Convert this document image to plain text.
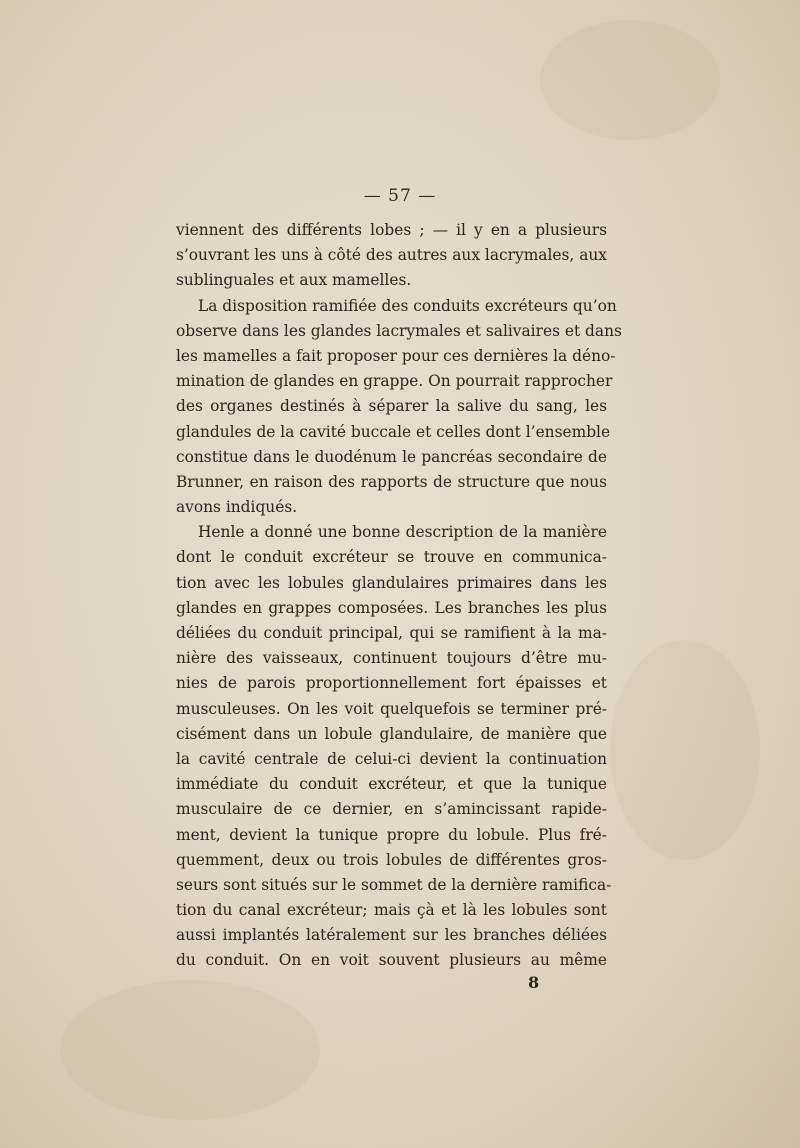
— 57 —
viennent des différents lobes ; — il y en a plusieurs
s’ouvrant les uns à côté des autres aux lacrymales, aux
sublinguales et aux mamelles.
La disposition ramifiée des conduits excréteurs qu’on
observe dans les glandes lacrymales et salivaires et dans
les mamelles a fait proposer pour ces dernières la déno-
mination de glandes en grappe. On pourrait rapprocher
des organes destinés à séparer la salive du sang, les
glandules de la cavité buccale et celles dont l’ensemble
constitue dans le duodénum le pancréas secondaire de
Brunner, en raison des rapports de structure que nous
avons indiqués.
Henle a donné une bonne description de la manière
dont le conduit excréteur se trouve en communica-
tion avec les lobules glandulaires primaires dans les
glandes en grappes composées. Les branches les plus
déliées du conduit principal, qui se ramifient à la ma-
nière des vaisseaux, continuent toujours d’être mu-
nies de parois proportionnellement fort épaisses et
musculeuses. On les voit quelquefois se terminer pré-
cisément dans un lobule glandulaire, de manière que
la cavité centrale de celui-ci devient la continuation
immédiate du conduit excréteur, et que la tunique
musculaire de ce dernier, en s’amincissant rapide-
ment, devient la tunique propre du lobule. Plus fré-
quemment, deux ou trois lobules de différentes gros-
seurs sont situés sur le sommet de la dernière ramifica-
tion du canal excréteur; mais çà et là les lobules sont
aussi implantés latéralement sur les branches déliées
du conduit. On en voit souvent plusieurs au même
8
